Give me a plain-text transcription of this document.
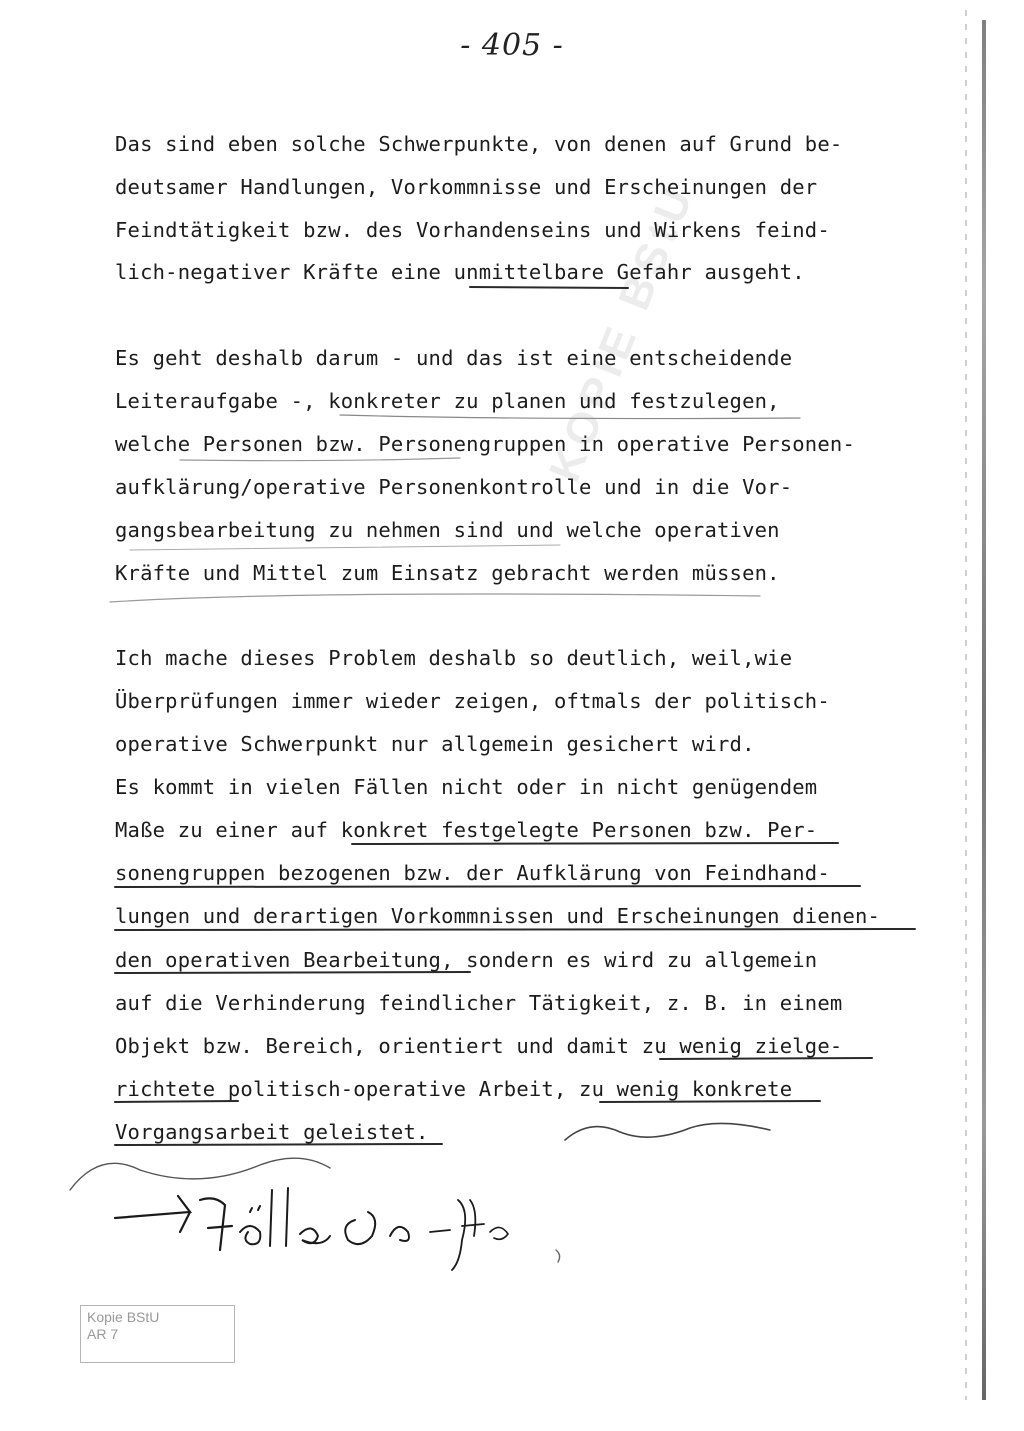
- 405 -
KOPIE BStU
Das sind eben solche Schwerpunkte, von denen auf Grund be-
deutsamer Handlungen, Vorkommnisse und Erscheinungen der
Feindtätigkeit bzw. des Vorhandenseins und Wirkens feind-
lich-negativer Kräfte eine unmittelbare Gefahr ausgeht.
Es geht deshalb darum - und das ist eine entscheidende
Leiteraufgabe -, konkreter zu planen und festzulegen,
welche Personen bzw. Personengruppen in operative Personen-
aufklärung/operative Personenkontrolle und in die Vor-
gangsbearbeitung zu nehmen sind und welche operativen
Kräfte und Mittel zum Einsatz gebracht werden müssen.
Ich mache dieses Problem deshalb so deutlich, weil,wie
Überprüfungen immer wieder zeigen, oftmals der politisch-
operative Schwerpunkt nur allgemein gesichert wird.
Es kommt in vielen Fällen nicht oder in nicht genügendem
Maße zu einer auf konkret festgelegte Personen bzw. Per-
sonengruppen bezogenen bzw. der Aufklärung von Feindhand-
lungen und derartigen Vorkommnissen und Erscheinungen dienen-
den operativen Bearbeitung, sondern es wird zu allgemein
auf die Verhinderung feindlicher Tätigkeit, z. B. in einem
Objekt bzw. Bereich, orientiert und damit zu wenig zielge-
richtete politisch-operative Arbeit, zu wenig konkrete
Vorgangsarbeit geleistet.
Kopie BStU
AR 7
